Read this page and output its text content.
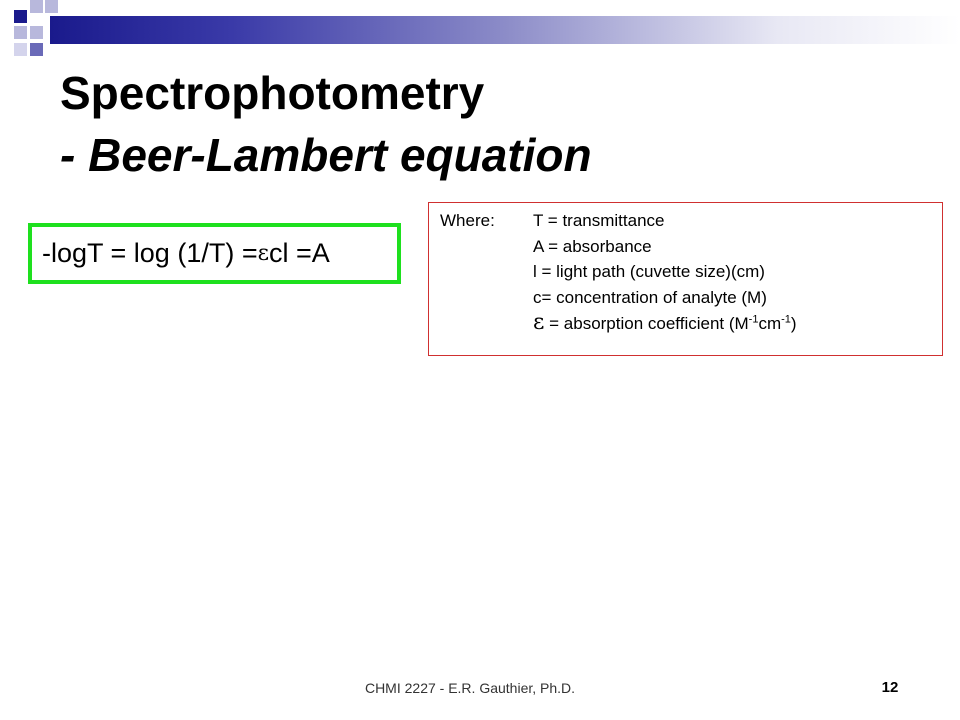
Spectrophotometry
- Beer-Lambert equation
-logT = log (1/T) = ε cl =A
Where: T = transmittance
A = absorbance
l = light path (cuvette size)(cm)
c= concentration of analyte (M)
ε = absorption coefficient $(M^{-1}cm^{-1})$
CHMI 2227 - E.R. Gauthier, Ph.D.	12
